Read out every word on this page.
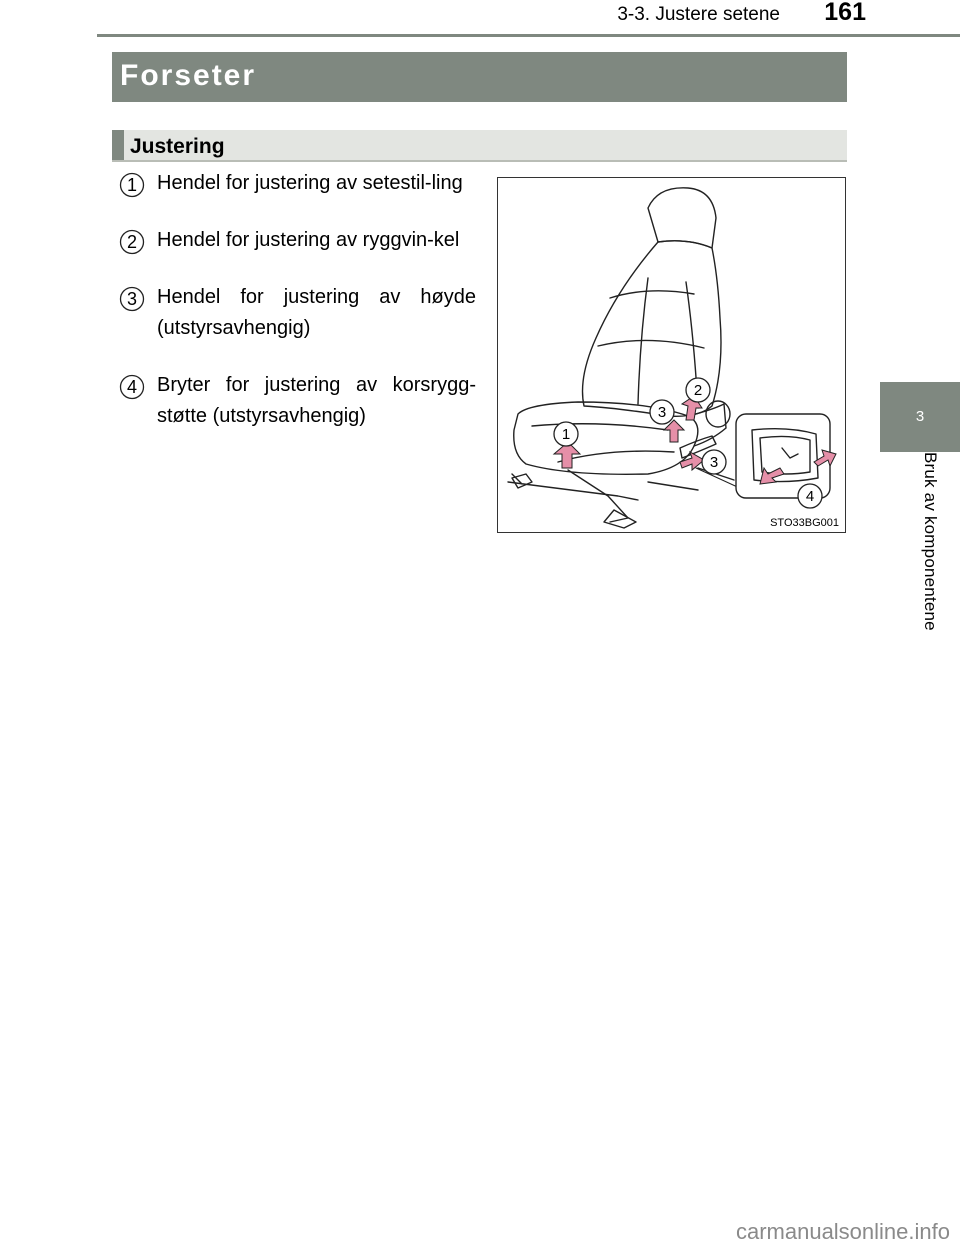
3-3. Justere setene 161
3
Bruk av komponentene
Forseter
Justering
1	Hendel for justering av setestil-ling
2	Hendel for justering av ryggvin-kel
3	Hendel for justering av høyde (utstyrsavhengig)
4	Bryter for justering av korsrygg-støtte (utstyrsavhengig)
1
2
3
3
4
STO33BG001
carmanualsonline.info
